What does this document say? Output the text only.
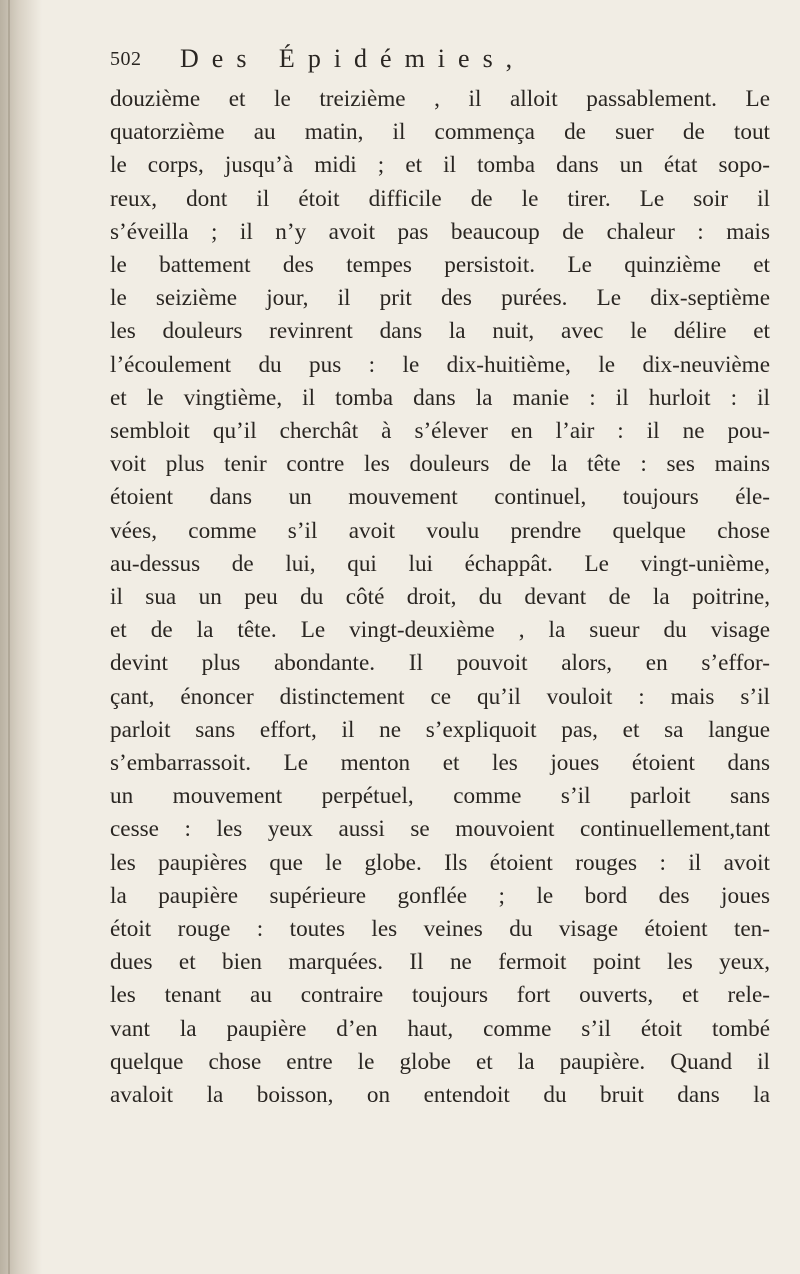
502 Des Épidémies,
douzième et le treizième , il alloit passablement. Le
quatorzième au matin, il commença de suer de tout
le corps, jusqu’à midi ; et il tomba dans un état sopo-
reux, dont il étoit difficile de le tirer. Le soir il
s’éveilla ; il n’y avoit pas beaucoup de chaleur : mais
le battement des tempes persistoit. Le quinzième et
le seizième jour, il prit des purées. Le dix-septième
les douleurs revinrent dans la nuit, avec le délire et
l’écoulement du pus : le dix-huitième, le dix-neuvième
et le vingtième, il tomba dans la manie : il hurloit : il
sembloit qu’il cherchât à s’élever en l’air : il ne pou-
voit plus tenir contre les douleurs de la tête : ses mains
étoient dans un mouvement continuel, toujours éle-
vées, comme s’il avoit voulu prendre quelque chose
au-dessus de lui, qui lui échappât. Le vingt-unième,
il sua un peu du côté droit, du devant de la poitrine,
et de la tête. Le vingt-deuxième , la sueur du visage
devint plus abondante. Il pouvoit alors, en s’effor-
çant, énoncer distinctement ce qu’il vouloit : mais s’il
parloit sans effort, il ne s’expliquoit pas, et sa langue
s’embarrassoit. Le menton et les joues étoient dans
un mouvement perpétuel, comme s’il parloit sans
cesse : les yeux aussi se mouvoient continuellement,tant
les paupières que le globe. Ils étoient rouges : il avoit
la paupière supérieure gonflée ; le bord des joues
étoit rouge : toutes les veines du visage étoient ten-
dues et bien marquées. Il ne fermoit point les yeux,
les tenant au contraire toujours fort ouverts, et rele-
vant la paupière d’en haut, comme s’il étoit tombé
quelque chose entre le globe et la paupière. Quand il
avaloit la boisson, on entendoit du bruit dans la
